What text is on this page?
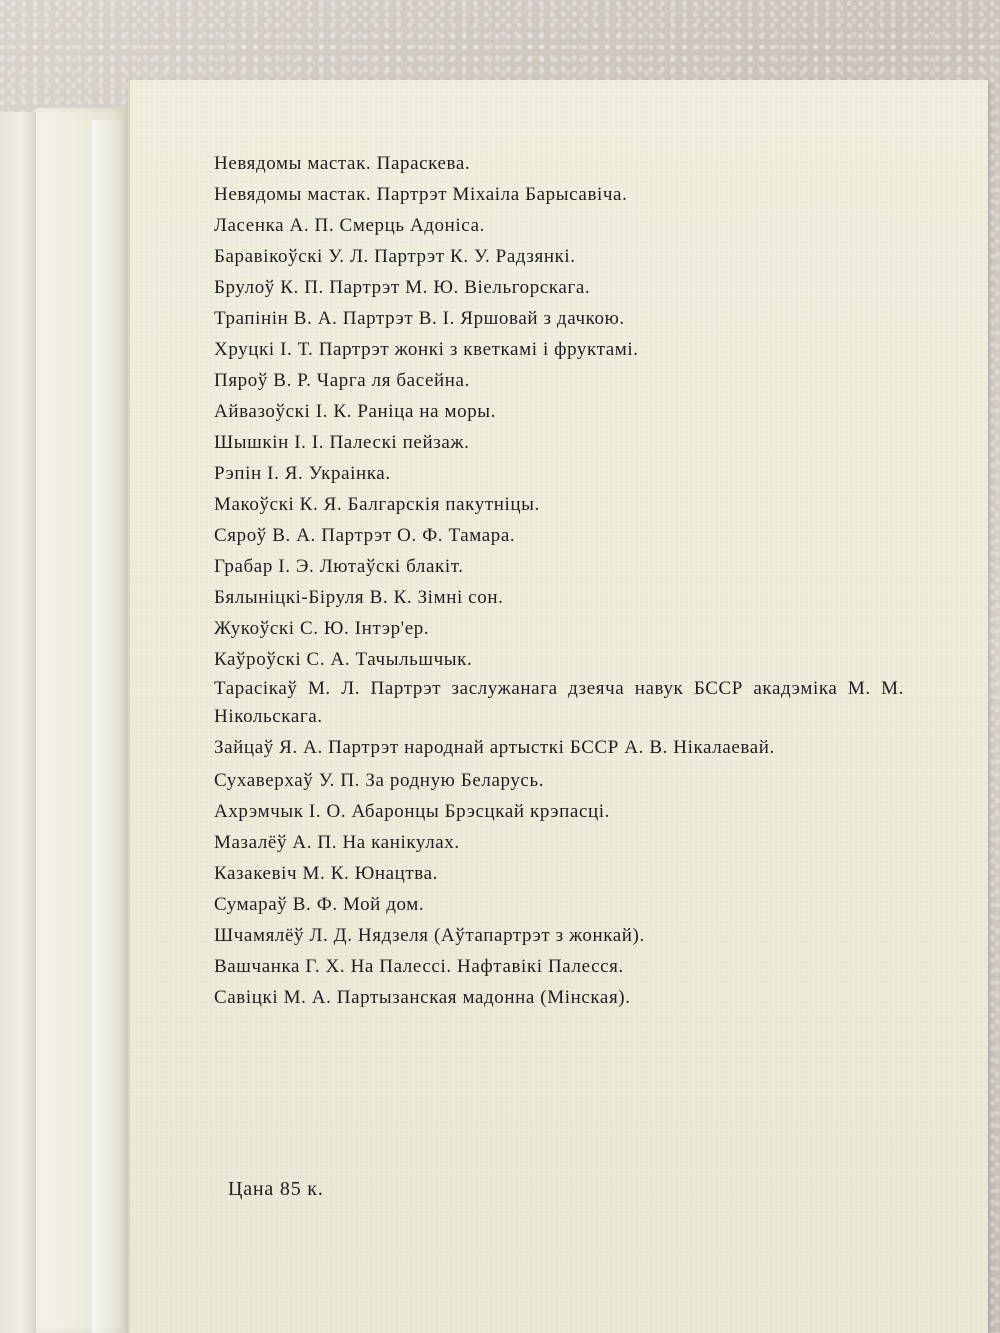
Невядомы мастак. Параскева.
Невядомы мастак. Партрэт Міхаіла Барысавіча.
Ласенка А. П. Смерць Адоніса.
Баравікоўскі У. Л. Партрэт К. У. Радзянкі.
Брулоў К. П. Партрэт М. Ю. Віельгорскага.
Трапінін В. А. Партрэт В. І. Яршовай з дачкою.
Хруцкі І. Т. Партрэт жонкі з кветкамі і фруктамі.
Пяроў В. Р. Чарга ля басейна.
Айвазоўскі І. К. Раніца на моры.
Шышкін І. І. Палескі пейзаж.
Рэпін І. Я. Украінка.
Макоўскі К. Я. Балгарскія пакутніцы.
Сяроў В. А. Партрэт О. Ф. Тамара.
Грабар І. Э. Лютаўскі блакіт.
Бялыніцкі-Біруля В. К. Зімні сон.
Жукоўскі С. Ю. Інтэр'ер.
Каўроўскі С. А. Тачыльшчык.
Тарасікаў М. Л. Партрэт заслужанага дзеяча навук БССР акадэміка М. М. Нікольскага.
Зайцаў Я. А. Партрэт народнай артысткі БССР А. В. Нікалаевай.
Сухаверхаў У. П. За родную Беларусь.
Ахрэмчык І. О. Абаронцы Брэсцкай крэпасці.
Мазалёў А. П. На канікулах.
Казакевіч М. К. Юнацтва.
Сумараў В. Ф. Мой дом.
Шчамялёў Л. Д. Нядзеля (Аўтапартрэт з жонкай).
Вашчанка Г. Х. На Палессі. Нафтавікі Палесся.
Савіцкі М. А. Партызанская мадонна (Мінская).
Цана 85 к.
